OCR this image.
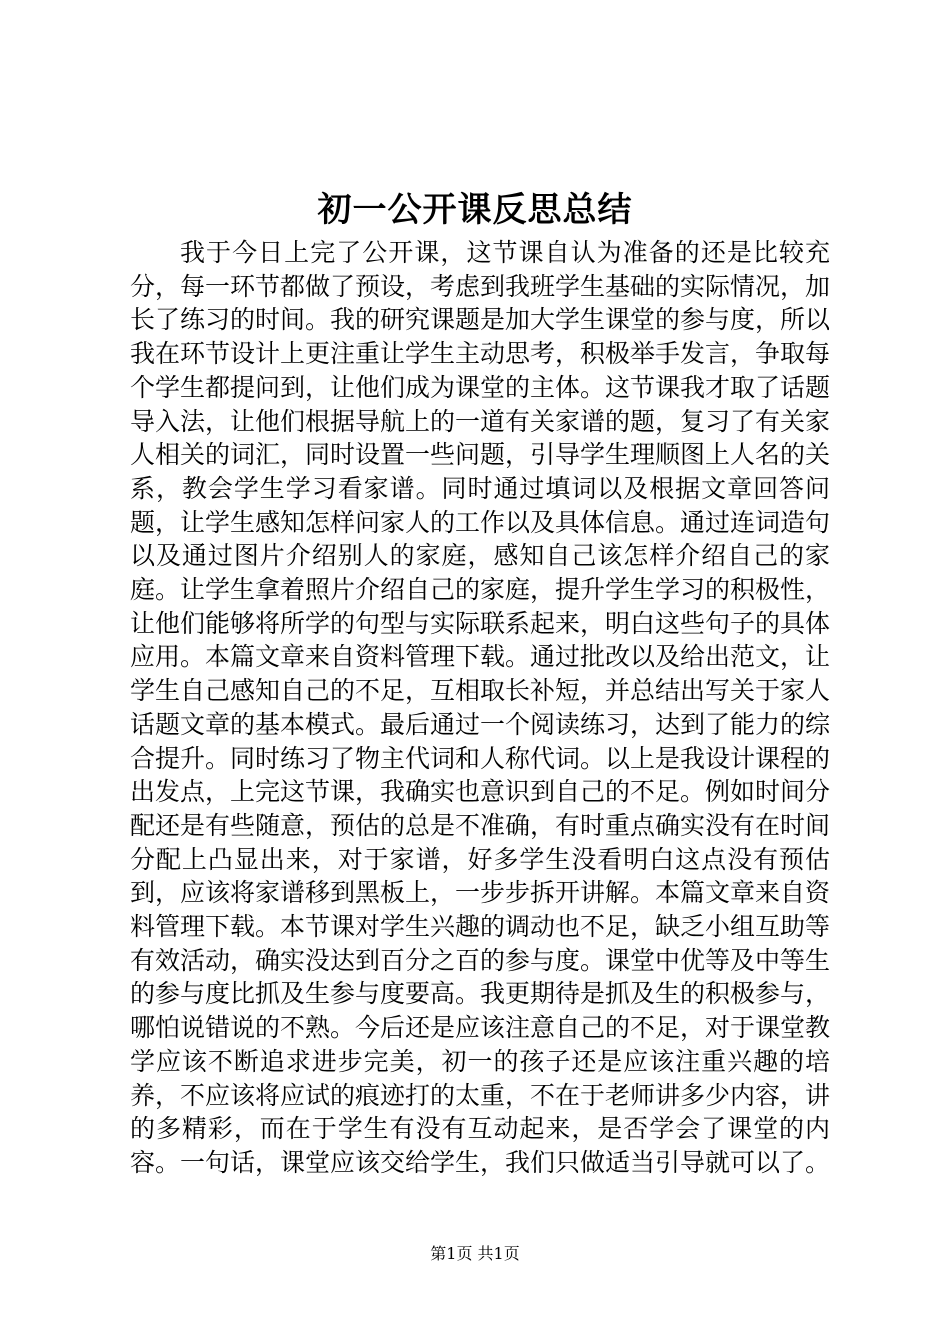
初一公开课反思总结

我于今日上完了公开课，这节课自认为准备的还是比较充分，每一环节都做了预设，考虑到我班学生基础的实际情况，加长了练习的时间。我的研究课题是加大学生课堂的参与度，所以我在环节设计上更注重让学生主动思考，积极举手发言，争取每个学生都提问到，让他们成为课堂的主体。这节课我才取了话题导入法，让他们根据导航上的一道有关家谱的题，复习了有关家人相关的词汇，同时设置一些问题，引导学生理顺图上人名的关系，教会学生学习看家谱。同时通过填词以及根据文章回答问题，让学生感知怎样问家人的工作以及具体信息。通过连词造句以及通过图片介绍别人的家庭，感知自己该怎样介绍自己的家庭。让学生拿着照片介绍自己的家庭，提升学生学习的积极性，让他们能够将所学的句型与实际联系起来，明白这些句子的具体应用。本篇文章来自资料管理下载。通过批改以及给出范文，让学生自己感知自己的不足，互相取长补短，并总结出写关于家人话题文章的基本模式。最后通过一个阅读练习，达到了能力的综合提升。同时练习了物主代词和人称代词。以上是我设计课程的出发点，上完这节课，我确实也意识到自己的不足。例如时间分配还是有些随意，预估的总是不准确，有时重点确实没有在时间分配上凸显出来，对于家谱，好多学生没看明白这点没有预估到，应该将家谱移到黑板上，一步步拆开讲解。本篇文章来自资料管理下载。本节课对学生兴趣的调动也不足，缺乏小组互助等有效活动，确实没达到百分之百的参与度。课堂中优等及中等生的参与度比抓及生参与度要高。我更期待是抓及生的积极参与，哪怕说错说的不熟。今后还是应该注意自己的不足，对于课堂教学应该不断追求进步完美，初一的孩子还是应该注重兴趣的培养，不应该将应试的痕迹打的太重，不在于老师讲多少内容，讲的多精彩，而在于学生有没有互动起来，是否学会了课堂的内容。一句话，课堂应该交给学生，我们只做适当引导就可以了。

第1页 共1页
